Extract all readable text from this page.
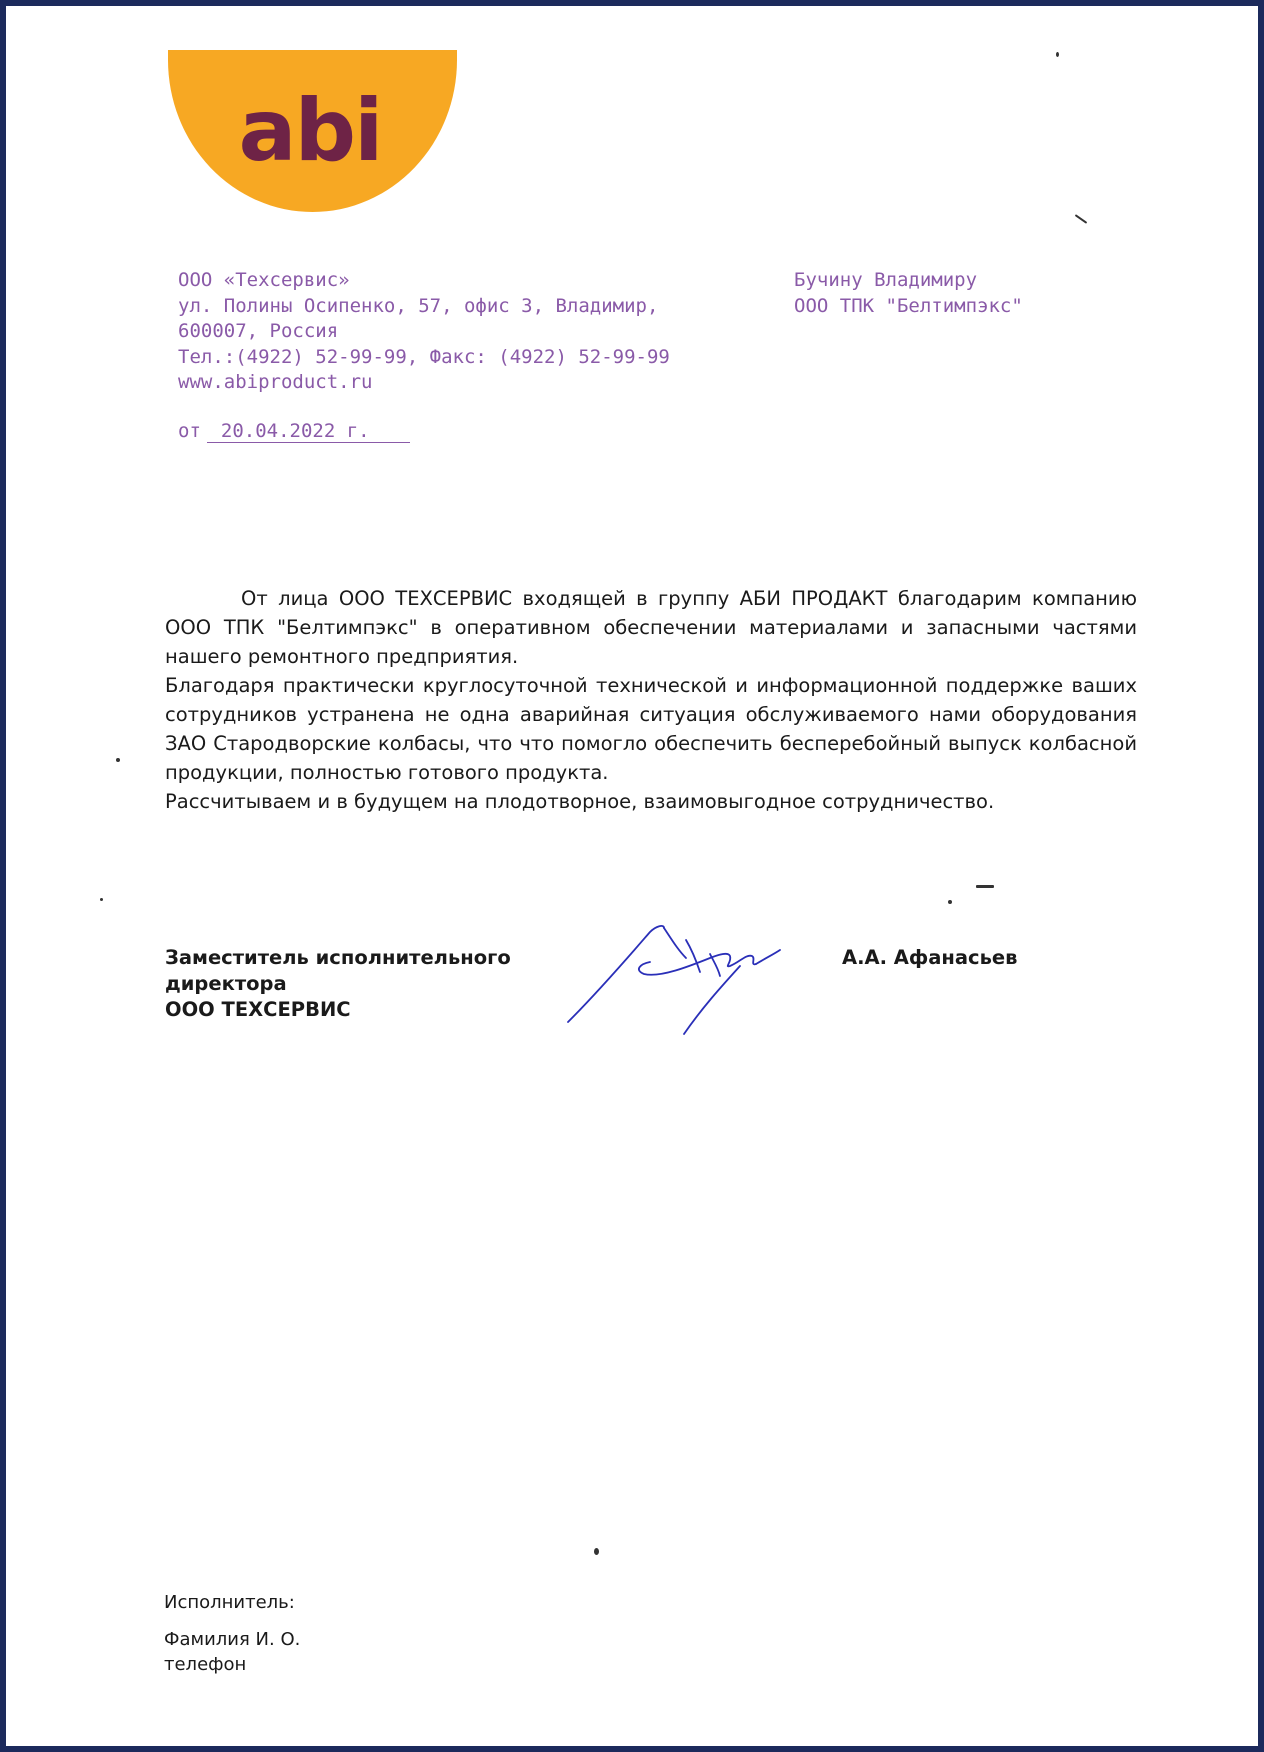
abi
ООО «Техсервис»
ул. Полины Осипенко, 57, офис 3, Владимир,
600007, Россия
Тел.:(4922) 52-99-99, Факс: (4922) 52-99-99
www.abiproduct.ru
Бучину Владимиру
ООО ТПК "Белтимпэкс"
от 20.04.2022 г.

От лица ООО ТЕХСЕРВИС входящей в группу АБИ ПРОДАКТ благодарим компанию ООО ТПК "Белтимпэкс" в оперативном обеспечении материалами и запасными частями нашего ремонтного предприятия.

Благодаря практически круглосуточной технической и информационной поддержке ваших сотрудников устранена не одна аварийная ситуация обслуживаемого нами оборудования ЗАО Стародворские колбасы, что что помогло обеспечить бесперебойный выпуск колбасной продукции, полностью готового продукта.

Рассчитываем и в будущем на плодотворное, взаимовыгодное сотрудничество.

Заместитель исполнительного
директора
ООО ТЕХСЕРВИС
А.А. Афанасьев
Исполнитель:
Фамилия И. О.
телефон
